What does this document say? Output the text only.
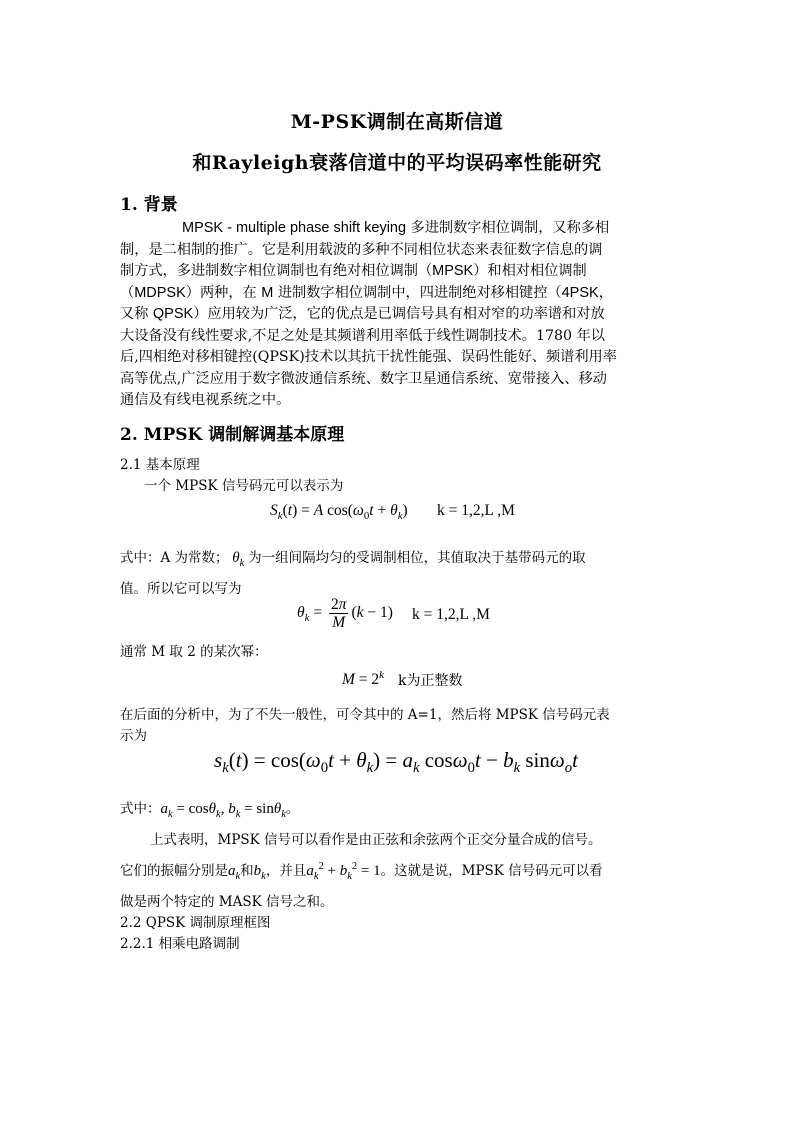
M-PSK调制在高斯信道
和Rayleigh衰落信道中的平均误码率性能研究
1. 背景
MPSK - multiple phase shift keying 多进制数字相位调制，又称多相
制，是二相制的推广。它是利用载波的多种不同相位状态来表征数字信息的调
制方式，多进制数字相位调制也有绝对相位调制（MPSK）和相对相位调制
（MDPSK）两种，在 M 进制数字相位调制中，四进制绝对移相键控（4PSK，
又称 QPSK）应用较为广泛，它的优点是已调信号具有相对窄的功率谱和对放
大设备没有线性要求,不足之处是其频谱利用率低于线性调制技术。1780 年以
后,四相绝对移相键控(QPSK)技术以其抗干扰性能强、误码性能好、频谱利用率
高等优点,广泛应用于数字微波通信系统、数字卫星通信系统、宽带接入、移动
通信及有线电视系统之中。
2. MPSK 调制解调基本原理
2.1 基本原理
一个 MPSK 信号码元可以表示为
$S_k(t) = A$ $\cos(\omega_0t + \theta_k) k = 1,2,L$ ,M
式中：A 为常数； $\theta_k$ 为一组间隔均匀的受调制相位，其值取决于基带码元的取
值。所以它可以写为
$\theta_k = \frac{2\pi}{M} (k - 1) k = 1,2,L$ ,M
通常 M 取 2 的某次幂：
$M = 2^k$ k为正整数
在后面的分析中，为了不失一般性，可令其中的 A=1，然后将 MPSK 信号码元表
示为
$s_k(t) = \cos(\omega_0t + \theta_k) = a_k$ $\cos\omega_0t - b_k$ sinω$_o$t
式中：$a_k = \cos\theta_k$, $b_k = \sin\theta_k$。
上式表明，MPSK 信号可以看作是由正弦和余弦两个正交分量合成的信号。
它们的振幅分别是$a_k$和$b_k$，并且$a_k^2 + b_k^2 = 1$。这就是说，MPSK 信号码元可以看
做是两个特定的 MASK 信号之和。
2.2 QPSK 调制原理框图
2.2.1 相乘电路调制
